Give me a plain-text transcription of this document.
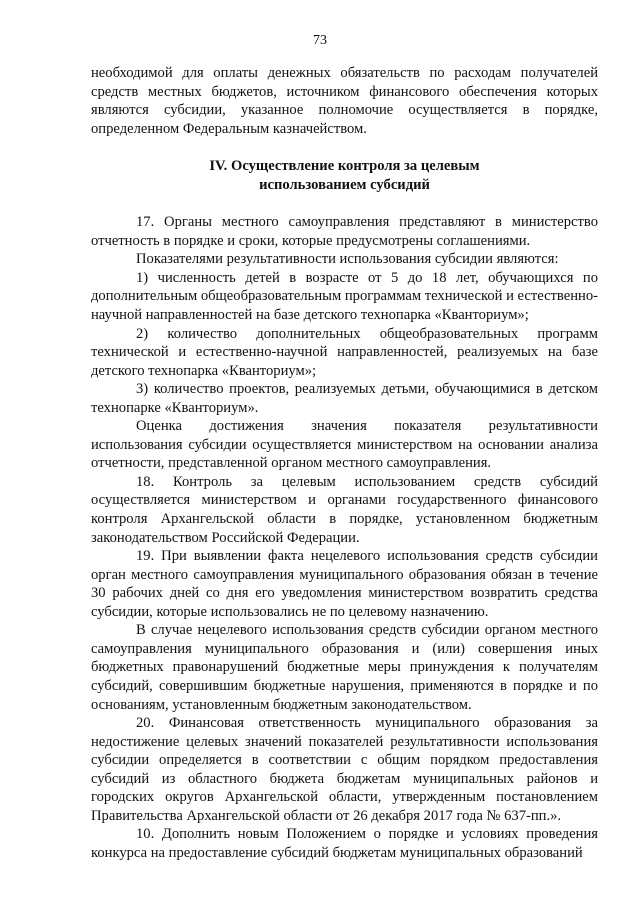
73

необходимой для оплаты денежных обязательств по расходам получателей средств местных бюджетов, источником финансового обеспечения которых являются субсидии, указанное полномочие осуществляется в порядке, определенном Федеральным казначейством.

IV. Осуществление контроля за целевым
использованием субсидий

17. Органы местного самоуправления представляют в министерство отчетность в порядке и сроки, которые предусмотрены соглашениями.

Показателями результативности использования субсидии являются:

1) численность детей в возрасте от 5 до 18 лет, обучающихся по дополнительным общеобразовательным программам технической и естественно-научной направленностей на базе детского технопарка «Кванториум»;

2) количество дополнительных общеобразовательных программ технической и естественно-научной направленностей, реализуемых на базе детского технопарка «Кванториум»;

3) количество проектов, реализуемых детьми, обучающимися в детском технопарке «Кванториум».

Оценка достижения значения показателя результативности использования субсидии осуществляется министерством на основании анализа отчетности, представленной органом местного самоуправления.

18. Контроль за целевым использованием средств субсидий осуществляется министерством и органами государственного финансового контроля Архангельской области в порядке, установленном бюджетным законодательством Российской Федерации.

19. При выявлении факта нецелевого использования средств субсидии орган местного самоуправления муниципального образования обязан в течение 30 рабочих дней со дня его уведомления министерством возвратить средства субсидии, которые использовались не по целевому назначению.

В случае нецелевого использования средств субсидии органом местного самоуправления муниципального образования и (или) совершения иных бюджетных правонарушений бюджетные меры принуждения к получателям субсидий, совершившим бюджетные нарушения, применяются в порядке и по основаниям, установленным бюджетным законодательством.

20. Финансовая ответственность муниципального образования за недостижение целевых значений показателей результативности использования субсидии определяется в соответствии с общим порядком предоставления субсидий из областного бюджета бюджетам муниципальных районов и городских округов Архангельской области, утвержденным постановлением Правительства Архангельской области от 26 декабря 2017 года № 637-пп.».

10. Дополнить новым Положением о порядке и условиях проведения конкурса на предоставление субсидий бюджетам муниципальных образований
